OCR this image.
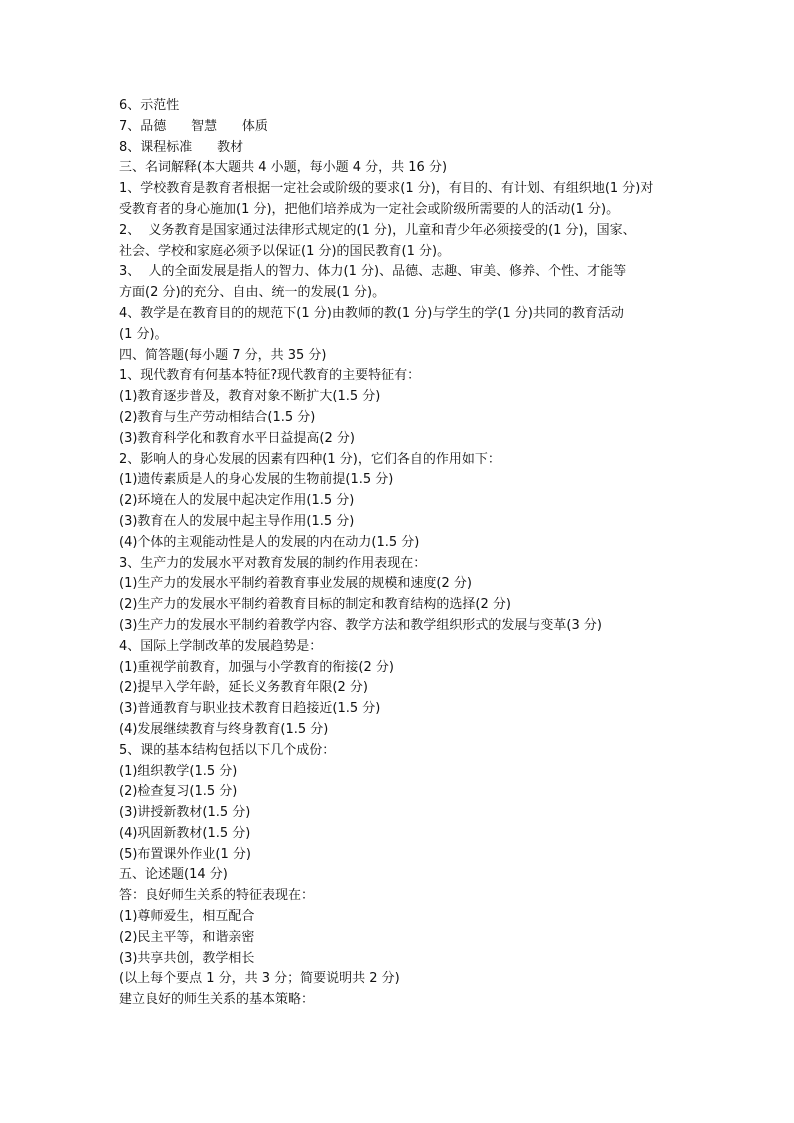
6、示范性

7、品德      智慧      体质

8、课程标准      教材

三、名词解释(本大题共 4 小题，每小题 4 分，共 16 分)

1、学校教育是教育者根据一定社会或阶级的要求(1 分)，有目的、有计划、有组织地(1 分)对

受教育者的身心施加(1 分)，把他们培养成为一定社会或阶级所需要的人的活动(1 分)。

2、  义务教育是国家通过法律形式规定的(1 分)，儿童和青少年必须接受的(1 分)，国家、

社会、学校和家庭必须予以保证(1 分)的国民教育(1 分)。

3、  人的全面发展是指人的智力、体力(1 分)、品德、志趣、审美、修养、个性、才能等

方面(2 分)的充分、自由、统一的发展(1 分)。

4、教学是在教育目的的规范下(1 分)由教师的教(1 分)与学生的学(1 分)共同的教育活动

(1 分)。

四、简答题(每小题 7 分，共 35 分)

1、现代教育有何基本特征?现代教育的主要特征有：

(1)教育逐步普及，教育对象不断扩大(1.5 分)

(2)教育与生产劳动相结合(1.5 分)

(3)教育科学化和教育水平日益提高(2 分)

2、影响人的身心发展的因素有四种(1 分)，它们各自的作用如下：

(1)遗传素质是人的身心发展的生物前提(1.5 分)

(2)环境在人的发展中起决定作用(1.5 分)

(3)教育在人的发展中起主导作用(1.5 分)

(4)个体的主观能动性是人的发展的内在动力(1.5 分)

3、生产力的发展水平对教育发展的制约作用表现在：

(1)生产力的发展水平制约着教育事业发展的规模和速度(2 分)

(2)生产力的发展水平制约着教育目标的制定和教育结构的选择(2 分)

(3)生产力的发展水平制约着教学内容、教学方法和教学组织形式的发展与变革(3 分)

4、国际上学制改革的发展趋势是：

(1)重视学前教育，加强与小学教育的衔接(2 分)

(2)提早入学年龄，延长义务教育年限(2 分)

(3)普通教育与职业技术教育日趋接近(1.5 分)

(4)发展继续教育与终身教育(1.5 分)

5、课的基本结构包括以下几个成份：

(1)组织教学(1.5 分)

(2)检查复习(1.5 分)

(3)讲授新教材(1.5 分)

(4)巩固新教材(1.5 分)

(5)布置课外作业(1 分)

五、论述题(14 分)

答：良好师生关系的特征表现在：

(1)尊师爱生，相互配合

(2)民主平等，和谐亲密

(3)共享共创，教学相长

(以上每个要点 1 分，共 3 分；简要说明共 2 分)

建立良好的师生关系的基本策略：
